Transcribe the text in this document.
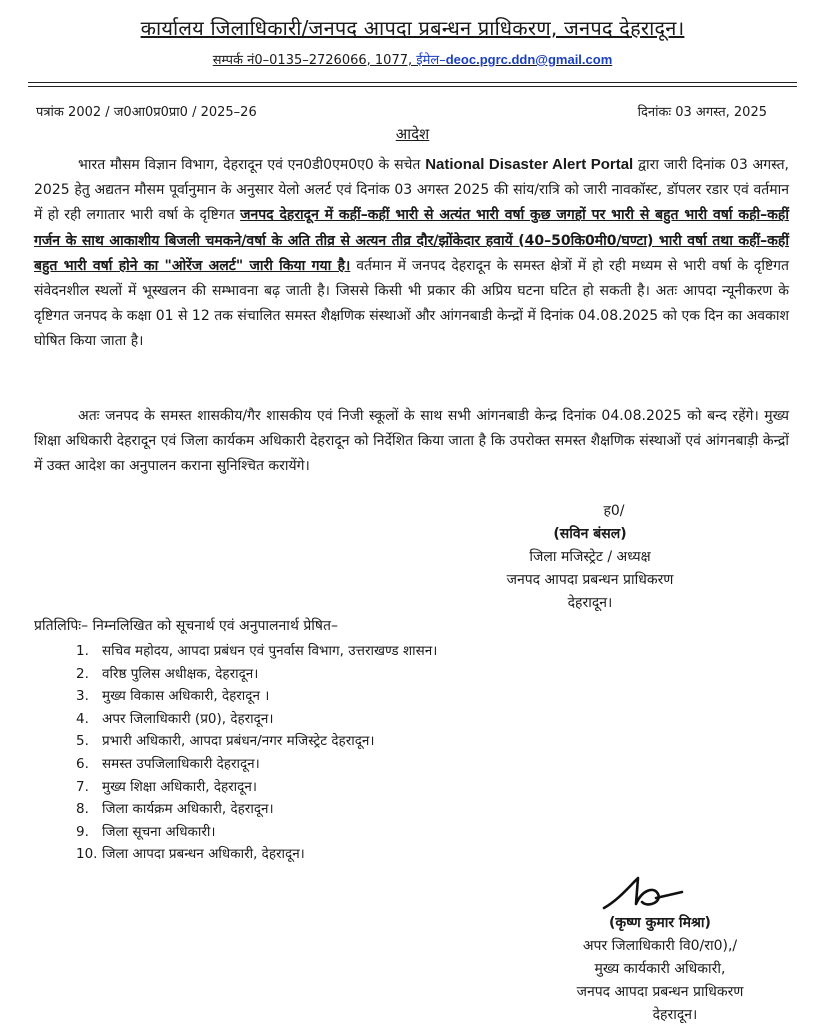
कार्यालय जिलाधिकारी/जनपद आपदा प्रबन्धन प्राधिकरण, जनपद देहरादून।
सम्पर्क नं0–0135–2726066, 1077, ईमेल–deoc.pgrc.ddn@gmail.com
पत्रांक 2002 / ज0आ0प्र0प्रा0 / 2025–26	दिनांकः 03 अगस्त, 2025
आदेश

भारत मौसम विज्ञान विभाग, देहरादून एवं एन0डी0एम0ए0 के सचेत National Disaster Alert Portal द्वारा जारी दिनांक 03 अगस्त, 2025 हेतु अद्यतन मौसम पूर्वानुमान के अनुसार येलो अलर्ट एवं दिनांक 03 अगस्त 2025 की सांय/रात्रि को जारी नावकॉस्ट, डॉपलर रडार एवं वर्तमान में हो रही लगातार भारी वर्षा के दृष्टिगत जनपद देहरादून में कहीं–कहीं भारी से अत्यंत भारी वर्षा कुछ जगहों पर भारी से बहुत भारी वर्षा कही–कहीं गर्जन के साथ आकाशीय बिजली चमकने/वर्षा के अति तीव्र से अत्यन तीव्र दौर/झोंकेदार हवायें (40–50कि0मी0/घण्टा) भारी वर्षा तथा कहीं–कहीं बहुत भारी वर्षा होने का "ओरेंज अलर्ट" जारी किया गया है। वर्तमान में जनपद देहरादून के समस्त क्षेत्रों में हो रही मध्यम से भारी वर्षा के दृष्टिगत संवेदनशील स्थलों में भूस्खलन की सम्भावना बढ़ जाती है। जिससे किसी भी प्रकार की अप्रिय घटना घटित हो सकती है। अतः आपदा न्यूनीकरण के दृष्टिगत जनपद के कक्षा 01 से 12 तक संचालित समस्त शैक्षणिक संस्थाओं और आंगनबाडी केन्द्रों में दिनांक 04.08.2025 को एक दिन का अवकाश घोषित किया जाता है।

अतः जनपद के समस्त शासकीय/गैर शासकीय एवं निजी स्कूलों के साथ सभी आंगनबाडी केन्द्र दिनांक 04.08.2025 को बन्द रहेंगे। मुख्य शिक्षा अधिकारी देहरादून एवं जिला कार्यकम अधिकारी देहरादून को निर्देशित किया जाता है कि उपरोक्त समस्त शैक्षणिक संस्थाओं एवं आंगनबाड़ी केन्द्रों में उक्त आदेश का अनुपालन कराना सुनिश्चित करायेंगे।

ह0/
(सविन बंसल)
जिला मजिस्ट्रेट / अध्यक्ष
जनपद आपदा प्रबन्धन प्राधिकरण
देहरादून।
प्रतिलिपिः– निम्नलिखित को सूचनार्थ एवं अनुपालनार्थ प्रेषित–
1. सचिव महोदय, आपदा प्रबंधन एवं पुनर्वास विभाग, उत्तराखण्ड शासन।
2. वरिष्ठ पुलिस अधीक्षक, देहरादून।
3. मुख्य विकास अधिकारी, देहरादून ।
4. अपर जिलाधिकारी (प्र0), देहरादून।
5. प्रभारी अधिकारी, आपदा प्रबंधन/नगर मजिस्ट्रेट देहरादून।
6. समस्त उपजिलाधिकारी देहरादून।
7. मुख्य शिक्षा अधिकारी, देहरादून।
8. जिला कार्यक्रम अधिकारी, देहरादून।
9. जिला सूचना अधिकारी।
10. जिला आपदा प्रबन्धन अधिकारी, देहरादून।
(कृष्ण कुमार मिश्रा)
अपर जिलाधिकारी वि0/रा0),/
मुख्य कार्यकारी अधिकारी,
जनपद आपदा प्रबन्धन प्राधिकरण
देहरादून।
